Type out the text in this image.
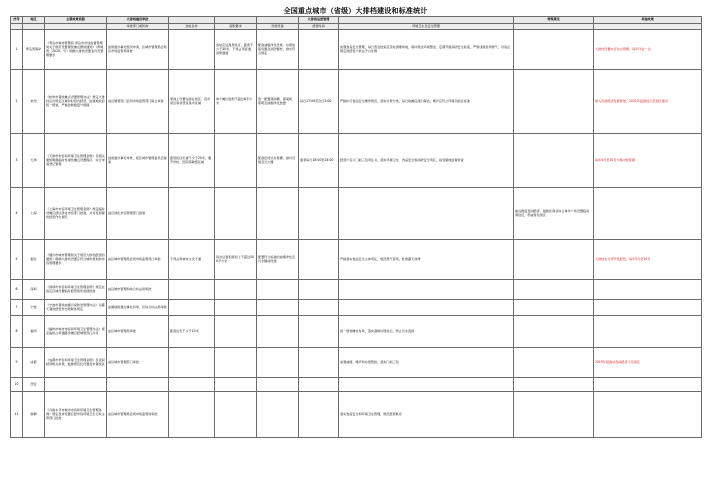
全国重点城市（省级）大排档建设和标准统计
序号	地区	主要政策依据	大排档建设审批				大排档运营管理		特殊规定	其他政策
			审批部门或机构	选址条件	面积要求	设施设备	经营时间	环境卫生及安全管理		
1	青岛西海岸	《青岛市城市管理局 青岛市市场监督管理局关于规范设置餐饮摊点群的通知》（青城管〔2020〕号）明确大排档设置条件及管理要求	由街道办事处组织申请，区城市管理局会同区市场监管局审批		选址应远离居民区，距离不少于30米，不得占用盲道、消防通道	配备油烟净化设施、垃圾收集容器及消防器材，排水符合规定		加强食品安全管理，每日营业结束后及时清理场地，保持周边环境整洁；定期开展消防安全检查，严禁违规使用燃气；对违反规定的经营户依法予以处理		大排档设置实行动态管理，每年评估一次
2	杭州	《杭州市餐饮摊点设置管理办法》规定大排档应在规定区域和时段内经营，由属地政府统一规划，严格控制数量与规模	由区城管部门会同市场监管部门联合审批	原则上设置在商业街区、夜市街区等非居民集中区域	单个摊位面积不超过6平方米	统一配置遮雨棚、餐桌椅、照明及油烟净化装置	每日17:00至次日2:00	严格执行食品安全操作规范，落实垃圾分类，每日收摊后清扫保洁，噪声应符合环境功能区标准		纳入夜间经济发展规划，2021年起推进示范街区建设
3	天津	《天津市市容和环境卫生管理条例》及相关通知明确临时性餐饮摊点设置程序，实行申请登记管理	由街道办事处审核，报区城市管理委员会备案	距居民住宅楼不少于20米，避开学校、医院等敏感区域		配备密闭式垃圾桶、排污设施及灭火器	夏季每日18:00至24:00	经营户签订门前三包责任书，落实环境卫生、食品安全和消防安全责任，接受属地监督检查		每年4月至10月为集中经营期
4	上海	《上海市市容环境卫生管理条例》规定临时设摊应经区绿化市容部门批准，并对夜间餐饮经营作出规范	由区绿化市容管理部门批准						重点推进夜间经济，鼓励在商业综合体外广场设置临时餐饮区，形成特色街区	
5	烟台	《烟台市城市管理局关于规范大排档经营的通知》明确大排档设置应符合城市规划和市容管理要求	由区城市管理局会同市场监管部门审批	不得占用城市主次干道	每处总面积原则上不超过500平方米	配置符合标准的油烟净化及污水隔油设施		严格落实食品安全主体责任，规范燃气使用，杜绝露天烧烤		大排档实行季节性经营，每年5月至10月
6	深圳	《深圳市市容和环境卫生管理条例》规定在指定区域设置临时经营场所需经批准	由区城市管理和综合执法局审批							
7	宁波	《宁波市餐饮油烟污染防治管理办法》对露天餐饮经营作出限制性规定	由属地街道办事处初审，区综合执法局审批							
8	福州	《福州市城市市容和环境卫生管理办法》规定临时占用道路设摊应经城管部门许可	由区城市管理局审批	距离住宅不少于15米				统一规划摊位布局，落实餐厨垃圾收运，禁止污水直排		
9	成都	《成都市市容和环境卫生管理条例》及夜间经济相关政策，鼓励规范化设置夜市餐饮区	由区城市管理部门审批					加强油烟、噪声和垃圾管控，落实门前三包		2019年起推动夜间经济示范街区
10	西安									
11	新疆	《乌鲁木齐市城市市容和环境卫生管理条例》规定夜市设置应经市容环境卫生行政主管部门批准	由区城市管理局会同市场监管局审批					落实食品安全和环境卫生管理，规范经营秩序		
